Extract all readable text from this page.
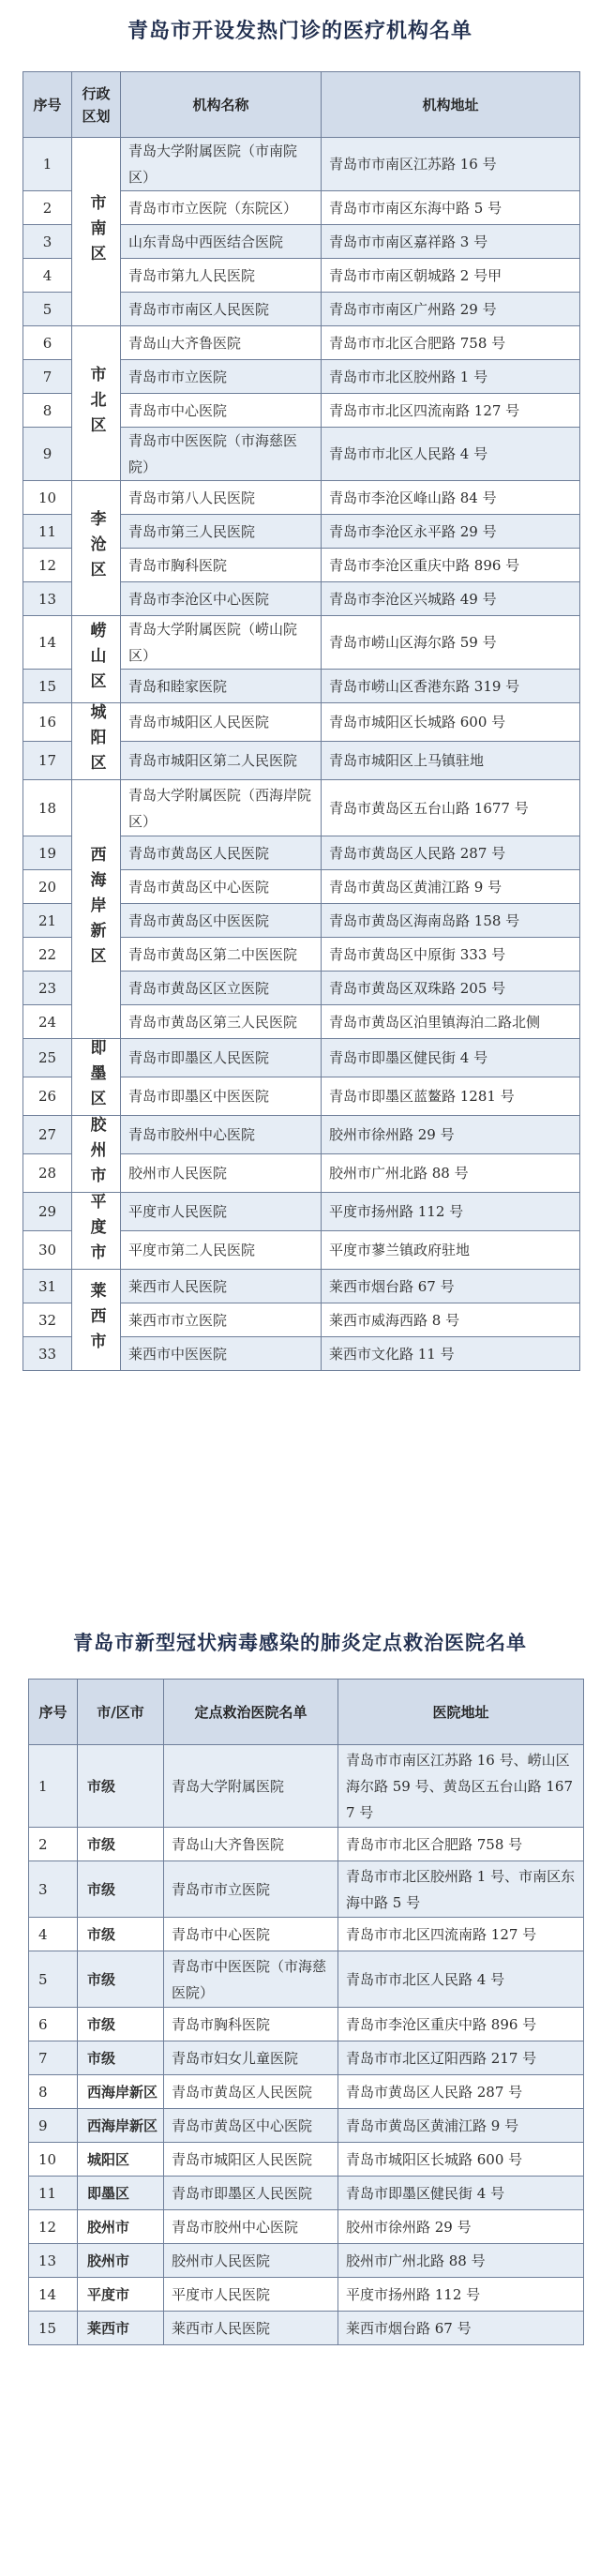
青岛市开设发热门诊的医疗机构名单
序号	行政区划	机构名称	机构地址
1	市南区	青岛大学附属医院（市南院区）	青岛市市南区江苏路 16 号
2		青岛市市立医院（东院区）	青岛市市南区东海中路 5 号
3		山东青岛中西医结合医院	青岛市市南区嘉祥路 3 号
4		青岛市第九人民医院	青岛市市南区朝城路 2 号甲
5		青岛市市南区人民医院	青岛市市南区广州路 29 号
6	市北区	青岛山大齐鲁医院	青岛市市北区合肥路 758 号
7		青岛市市立医院	青岛市市北区胶州路 1 号
8		青岛市中心医院	青岛市市北区四流南路 127 号
9		青岛市中医医院（市海慈医院）	青岛市市北区人民路 4 号
10	李沧区	青岛市第八人民医院	青岛市李沧区峰山路 84 号
11		青岛市第三人民医院	青岛市李沧区永平路 29 号
12		青岛市胸科医院	青岛市李沧区重庆中路 896 号
13		青岛市李沧区中心医院	青岛市李沧区兴城路 49 号
14	崂山区	青岛大学附属医院（崂山院区）	青岛市崂山区海尔路 59 号
15		青岛和睦家医院	青岛市崂山区香港东路 319 号
16	城阳区	青岛市城阳区人民医院	青岛市城阳区长城路 600 号
17		青岛市城阳区第二人民医院	青岛市城阳区上马镇驻地
18	西海岸新区	青岛大学附属医院（西海岸院区）	青岛市黄岛区五台山路 1677 号
19		青岛市黄岛区人民医院	青岛市黄岛区人民路 287 号
20		青岛市黄岛区中心医院	青岛市黄岛区黄浦江路 9 号
21		青岛市黄岛区中医医院	青岛市黄岛区海南岛路 158 号
22		青岛市黄岛区第二中医医院	青岛市黄岛区中原街 333 号
23		青岛市黄岛区区立医院	青岛市黄岛区双珠路 205 号
24		青岛市黄岛区第三人民医院	青岛市黄岛区泊里镇海泊二路北侧
25	即墨区	青岛市即墨区人民医院	青岛市即墨区健民街 4 号
26		青岛市即墨区中医医院	青岛市即墨区蓝鳌路 1281 号
27	胶州市	青岛市胶州中心医院	胶州市徐州路 29 号
28		胶州市人民医院	胶州市广州北路 88 号
29	平度市	平度市人民医院	平度市扬州路 112 号
30		平度市第二人民医院	平度市蓼兰镇政府驻地
31	莱西市	莱西市人民医院	莱西市烟台路 67 号
32		莱西市市立医院	莱西市威海西路 8 号
33		莱西市中医医院	莱西市文化路 11 号
青岛市新型冠状病毒感染的肺炎定点救治医院名单
序号	市/区市	定点救治医院名单	医院地址
1	市级	青岛大学附属医院	青岛市市南区江苏路 16 号、崂山区海尔路 59 号、黄岛区五台山路 1677 号
2	市级	青岛山大齐鲁医院	青岛市市北区合肥路 758 号
3	市级	青岛市市立医院	青岛市市北区胶州路 1 号、市南区东海中路 5 号
4	市级	青岛市中心医院	青岛市市北区四流南路 127 号
5	市级	青岛市中医医院（市海慈医院）	青岛市市北区人民路 4 号
6	市级	青岛市胸科医院	青岛市李沧区重庆中路 896 号
7	市级	青岛市妇女儿童医院	青岛市市北区辽阳西路 217 号
8	西海岸新区	青岛市黄岛区人民医院	青岛市黄岛区人民路 287 号
9	西海岸新区	青岛市黄岛区中心医院	青岛市黄岛区黄浦江路 9 号
10	城阳区	青岛市城阳区人民医院	青岛市城阳区长城路 600 号
11	即墨区	青岛市即墨区人民医院	青岛市即墨区健民街 4 号
12	胶州市	青岛市胶州中心医院	胶州市徐州路 29 号
13	胶州市	胶州市人民医院	胶州市广州北路 88 号
14	平度市	平度市人民医院	平度市扬州路 112 号
15	莱西市	莱西市人民医院	莱西市烟台路 67 号
